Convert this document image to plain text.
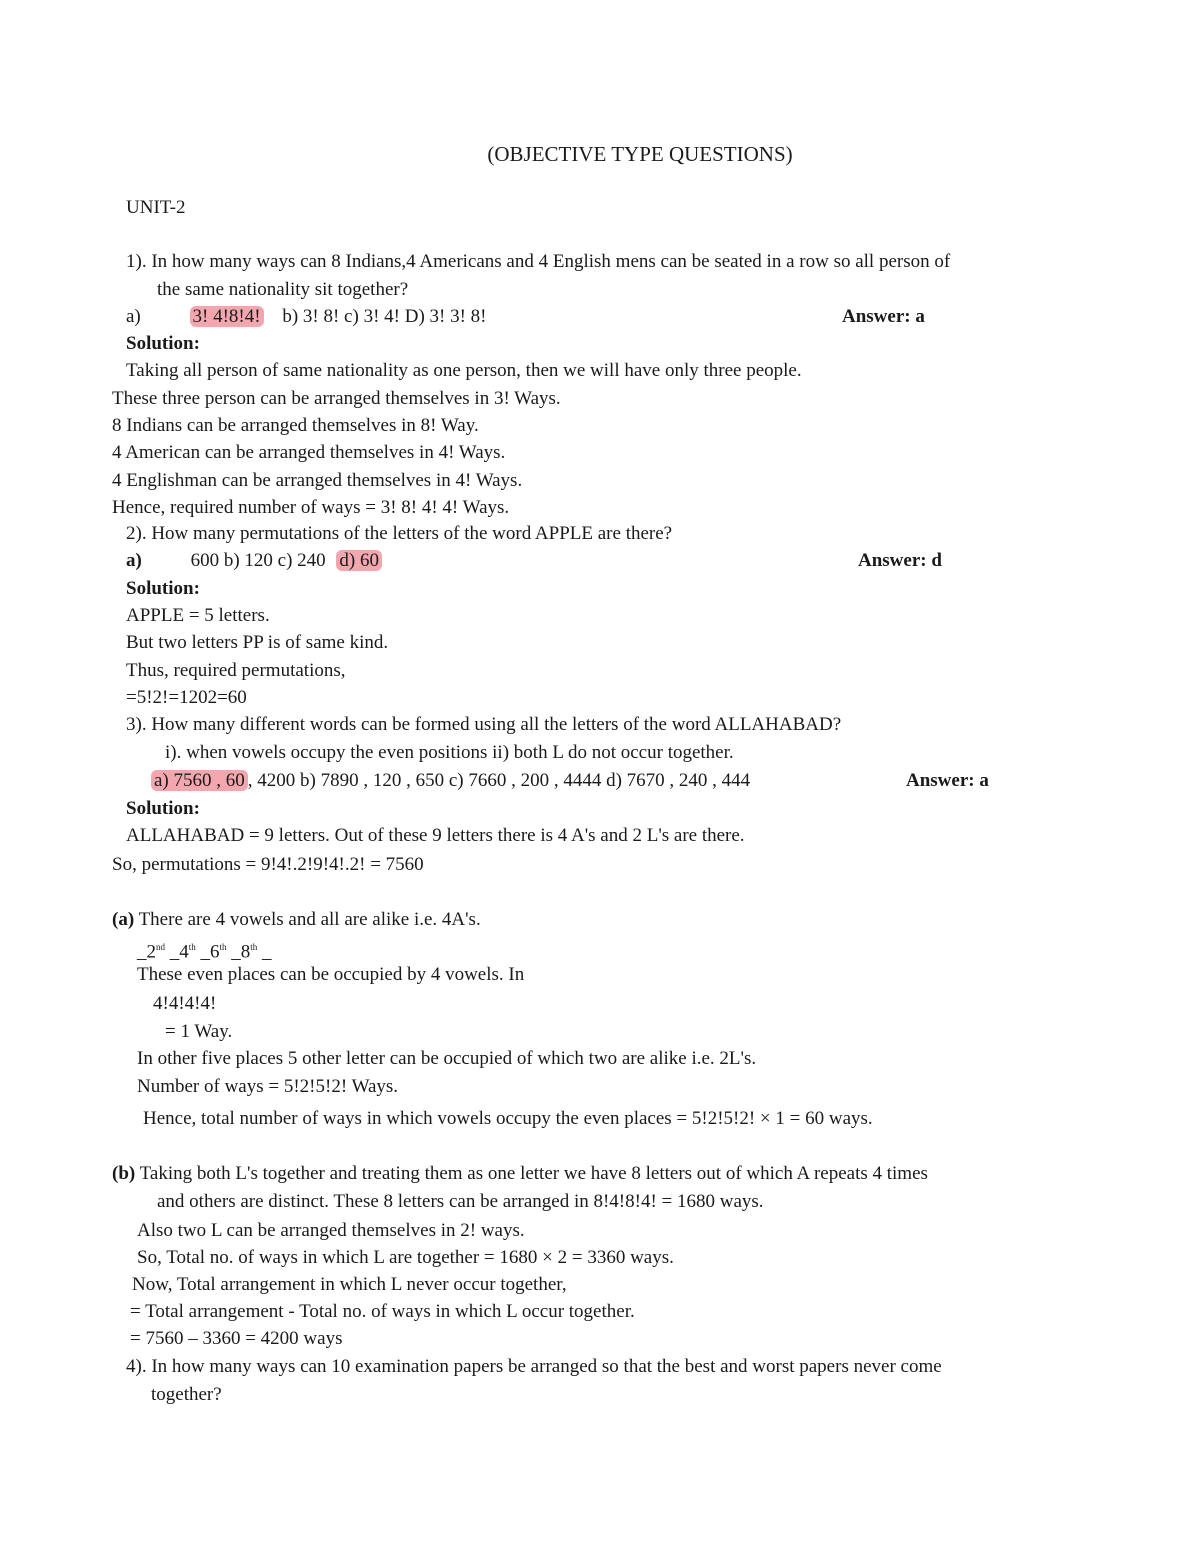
(OBJECTIVE TYPE QUESTIONS)
UNIT-2
1). In how many ways can 8 Indians,4 Americans and 4 English mens can be seated in a row so all person of
the same nationality sit together?
a)	3! 4!8!4! b) 3! 8! c) 3! 4! D) 3! 3! 8!	Answer: a
Solution:
Taking all person of same nationality as one person, then we will have only three people.
These three person can be arranged themselves in 3! Ways.
8 Indians can be arranged themselves in 8! Way.
4 American can be arranged themselves in 4! Ways.
4 Englishman can be arranged themselves in 4! Ways.
Hence, required number of ways = 3! 8! 4! 4! Ways.
2). How many permutations of the letters of the word APPLE are there?
a)	600 b) 120 c) 240 d) 60	Answer: d
Solution:
APPLE = 5 letters.
But two letters PP is of same kind.
Thus, required permutations,
=5!2!=1202=60
3). How many different words can be formed using all the letters of the word ALLAHABAD?
i). when vowels occupy the even positions ii) both L do not occur together.
a) 7560 , 60 , 4200 b) 7890 , 120 , 650 c) 7660 , 200 , 4444 d) 7670 , 240 , 444	Answer: a
Solution:
ALLAHABAD = 9 letters. Out of these 9 letters there is 4 A's and 2 L's are there.
So, permutations = 9!4!.2!9!4!.2! = 7560
(a) There are 4 vowels and all are alike i.e. 4A's.
_2nd _4th _6th _8th _
These even places can be occupied by 4 vowels. In
4!4!4!4!
= 1 Way.
In other five places 5 other letter can be occupied of which two are alike i.e. 2L's.
Number of ways = 5!2!5!2! Ways.
Hence, total number of ways in which vowels occupy the even places = 5!2!5!2! × 1 = 60 ways.
(b) Taking both L's together and treating them as one letter we have 8 letters out of which A repeats 4 times
and others are distinct. These 8 letters can be arranged in 8!4!8!4! = 1680 ways.
Also two L can be arranged themselves in 2! ways.
So, Total no. of ways in which L are together = 1680 × 2 = 3360 ways.
Now, Total arrangement in which L never occur together,
= Total arrangement - Total no. of ways in which L occur together.
= 7560 – 3360 = 4200 ways
4). In how many ways can 10 examination papers be arranged so that the best and worst papers never come
together?
